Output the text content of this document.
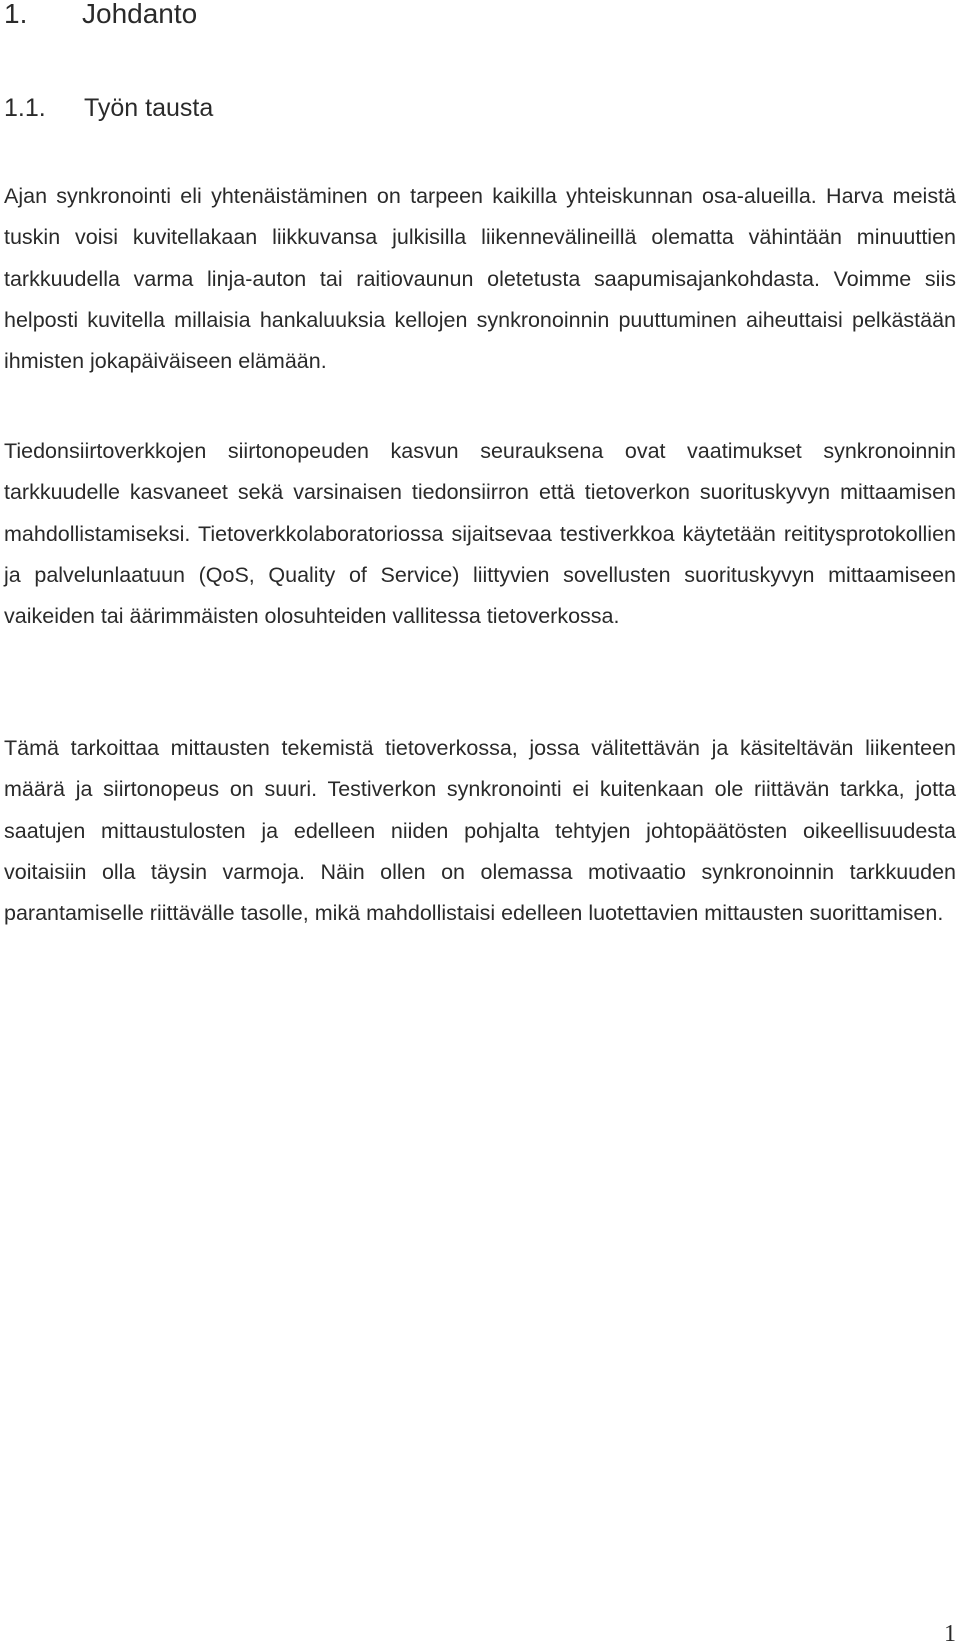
1. Johdanto
1.1. Työn tausta

Ajan synkronointi eli yhtenäistäminen on tarpeen kaikilla yhteiskunnan osa-alueilla. Harva meistä tuskin voisi kuvitellakaan liikkuvansa julkisilla liikennevälineillä olematta vähintään minuuttien tarkkuudella varma linja-auton tai raitiovaunun oletetusta saapumisajankohdasta. Voimme siis helposti kuvitella millaisia hankaluuksia kellojen synkronoinnin puuttuminen aiheuttaisi pelkästään ihmisten jokapäiväiseen elämään.

Tiedonsiirtoverkkojen siirtonopeuden kasvun seurauksena ovat vaatimukset synkronoinnin tarkkuudelle kasvaneet sekä varsinaisen tiedonsiirron että tietoverkon suorituskyvyn mittaamisen mahdollistamiseksi. Tietoverkkolaboratoriossa sijaitsevaa testiverkkoa käytetään reititysprotokollien ja palvelunlaatuun (QoS, Quality of Service) liittyvien sovellusten suorituskyvyn mittaamiseen vaikeiden tai äärimmäisten olosuhteiden vallitessa tietoverkossa.

Tämä tarkoittaa mittausten tekemistä tietoverkossa, jossa välitettävän ja käsiteltävän liikenteen määrä ja siirtonopeus on suuri. Testiverkon synkronointi ei kuitenkaan ole riittävän tarkka, jotta saatujen mittaustulosten ja edelleen niiden pohjalta tehtyjen johtopäätösten oikeellisuudesta voitaisiin olla täysin varmoja. Näin ollen on olemassa motivaatio synkronoinnin tarkkuuden parantamiselle riittävälle tasolle, mikä mahdollistaisi edelleen luotettavien mittausten suorittamisen.

1
